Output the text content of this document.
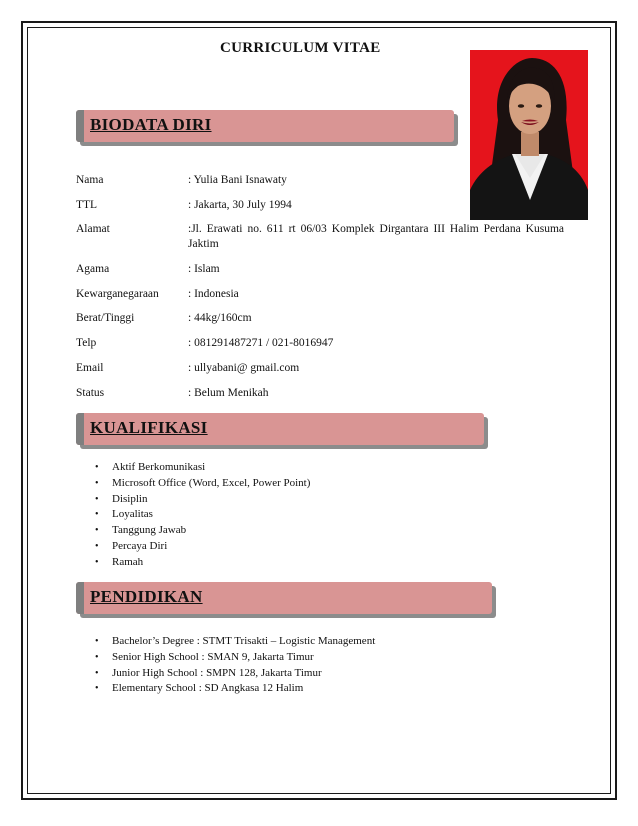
CURRICULUM VITAE
BIODATA DIRI
Nama	: Yulia Bani Isnawaty
TTL	: Jakarta, 30 July 1994
Alamat	:Jl. Erawati no. 611 rt 06/03 Komplek Dirgantara III Halim Perdana Kusuma Jaktim
Agama	: Islam
Kewarganegaraan	: Indonesia
Berat/Tinggi	: 44kg/160cm
Telp	: 081291487271 / 021-8016947
Email	: ullyabani@ gmail.com
Status	: Belum Menikah
KUALIFIKASI
• Aktif Berkomunikasi
• Microsoft Office (Word, Excel, Power Point)
• Disiplin
• Loyalitas
• Tanggung Jawab
• Percaya Diri
• Ramah
PENDIDIKAN
• Bachelor’s Degree : STMT Trisakti – Logistic Management
• Senior High School : SMAN 9, Jakarta Timur
• Junior High School : SMPN 128, Jakarta Timur
• Elementary School : SD Angkasa 12 Halim
